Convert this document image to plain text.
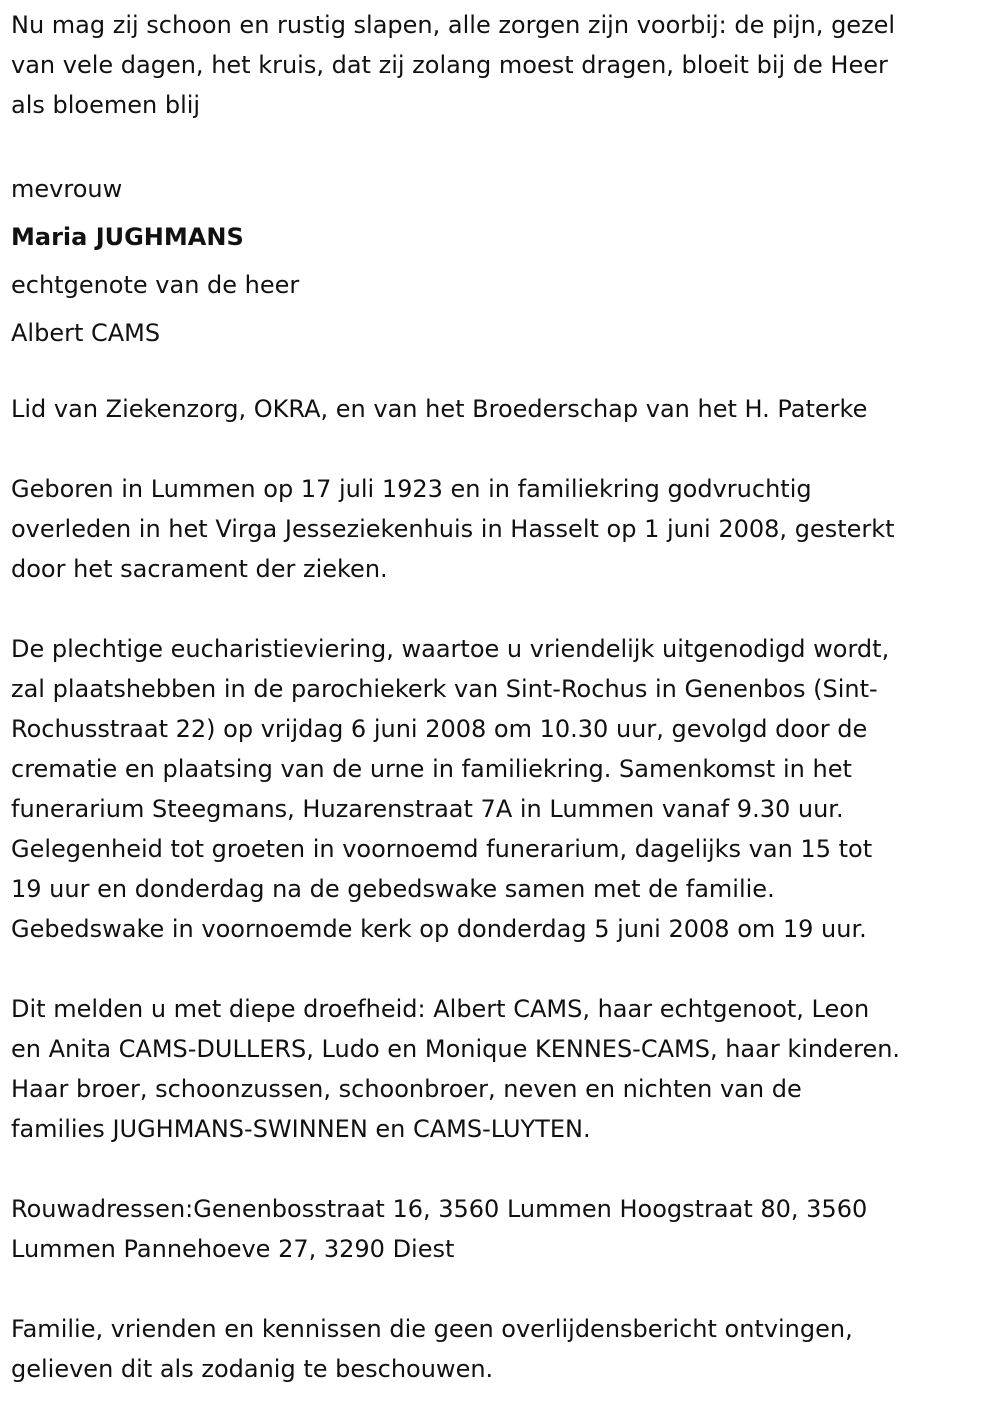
Nu mag zij schoon en rustig slapen, alle zorgen zijn voorbij: de pijn, gezel
van vele dagen, het kruis, dat zij zolang moest dragen, bloeit bij de Heer
als bloemen blij

mevrouw

Maria JUGHMANS

echtgenote van de heer

Albert CAMS

Lid van Ziekenzorg, OKRA, en van het Broederschap van het H. Paterke

Geboren in Lummen op 17 juli 1923 en in familiekring godvruchtig
overleden in het Virga Jesseziekenhuis in Hasselt op 1 juni 2008, gesterkt
door het sacrament der zieken.

De plechtige eucharistieviering, waartoe u vriendelijk uitgenodigd wordt,
zal plaatshebben in de parochiekerk van Sint-Rochus in Genenbos (Sint-
Rochusstraat 22) op vrijdag 6 juni 2008 om 10.30 uur, gevolgd door de
crematie en plaatsing van de urne in familiekring. Samenkomst in het
funerarium Steegmans, Huzarenstraat 7A in Lummen vanaf 9.30 uur.
Gelegenheid tot groeten in voornoemd funerarium, dagelijks van 15 tot
19 uur en donderdag na de gebedswake samen met de familie.
Gebedswake in voornoemde kerk op donderdag 5 juni 2008 om 19 uur.

Dit melden u met diepe droefheid: Albert CAMS, haar echtgenoot, Leon
en Anita CAMS-DULLERS, Ludo en Monique KENNES-CAMS, haar kinderen.
Haar broer, schoonzussen, schoonbroer, neven en nichten van de
families JUGHMANS-SWINNEN en CAMS-LUYTEN.

Rouwadressen:Genenbosstraat 16, 3560 Lummen Hoogstraat 80, 3560
Lummen Pannehoeve 27, 3290 Diest

Familie, vrienden en kennissen die geen overlijdensbericht ontvingen,
gelieven dit als zodanig te beschouwen.
